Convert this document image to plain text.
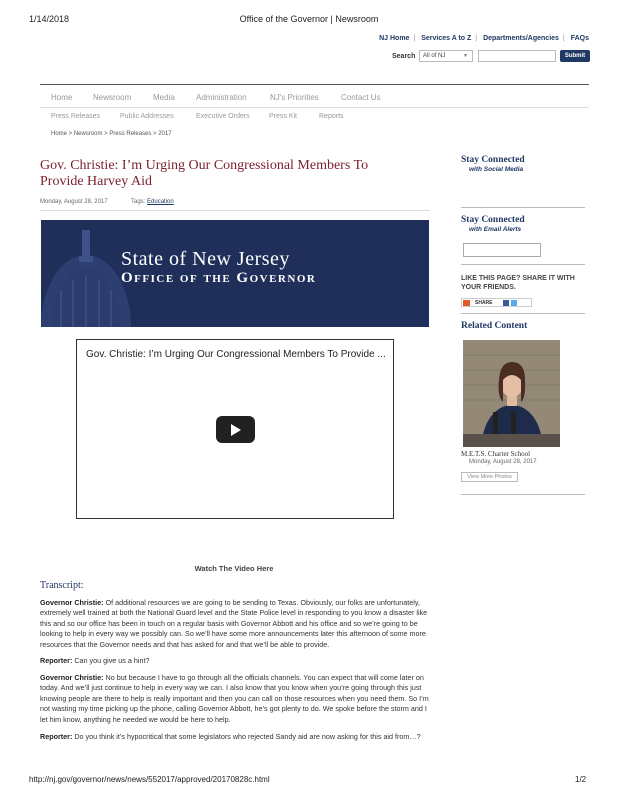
1/14/2018	Office of the Governor | Newsroom
NJ Home | Services A to Z | Departments/Agencies | FAQs
Search	All of NJ	▼	Submit
Home	Newsroom	Media	Administration	NJ's Priorities	Contact Us
Press Releases	Public Addresses	Executive Orders	Press Kit	Reports
Home > Newsroom > Press Releases > 2017
Gov. Christie: I’m Urging Our Congressional Members To
Provide Harvey Aid
Monday, August 28, 2017	Tags: Education
State of New Jersey
Office of the Governor
Gov. Christie: I’m Urging Our Congressional Members To Provide ...
Watch The Video Here
Transcript:
Governor Christie: Of additional resources we are going to be sending to Texas. Obviously, our folks are unfortunately, extremely well trained at both the National Guard level and the State Police level in responding to you know a disaster like this and so our office has been in touch on a regular basis with Governor Abbott and his office and so we’re going to be looking to help in every way we possibly can. So we’ll have some more announcements later this afternoon of some more resources that the Governor needs and that has asked for and that we’ll be able to provide.
Reporter: Can you give us a hint?
Governor Christie: No but because I have to go through all the officials channels. You can expect that will come later on today. And we’ll just continue to help in every way we can. I also know that you know when you’re going through this just knowing people are there to help is really important and then you can call on those resources when you need them. So I’m not wasting my time picking up the phone, calling Governor Abbott, he’s got plenty to do. We spoke before the storm and I let him know, anything he needed we would be here to help.
Reporter: Do you think it’s hypocritical that some legislators who rejected Sandy aid are now asking for this aid from…?
Stay Connected
with Social Media
Stay Connected
with Email Alerts
LIKE THIS PAGE? SHARE IT WITH YOUR FRIENDS.
SHARE
Related Content
M.E.T.S. Charter School
Monday, August 28, 2017
View More Photos
http://nj.gov/governor/news/news/552017/approved/20170828c.html	1/2
